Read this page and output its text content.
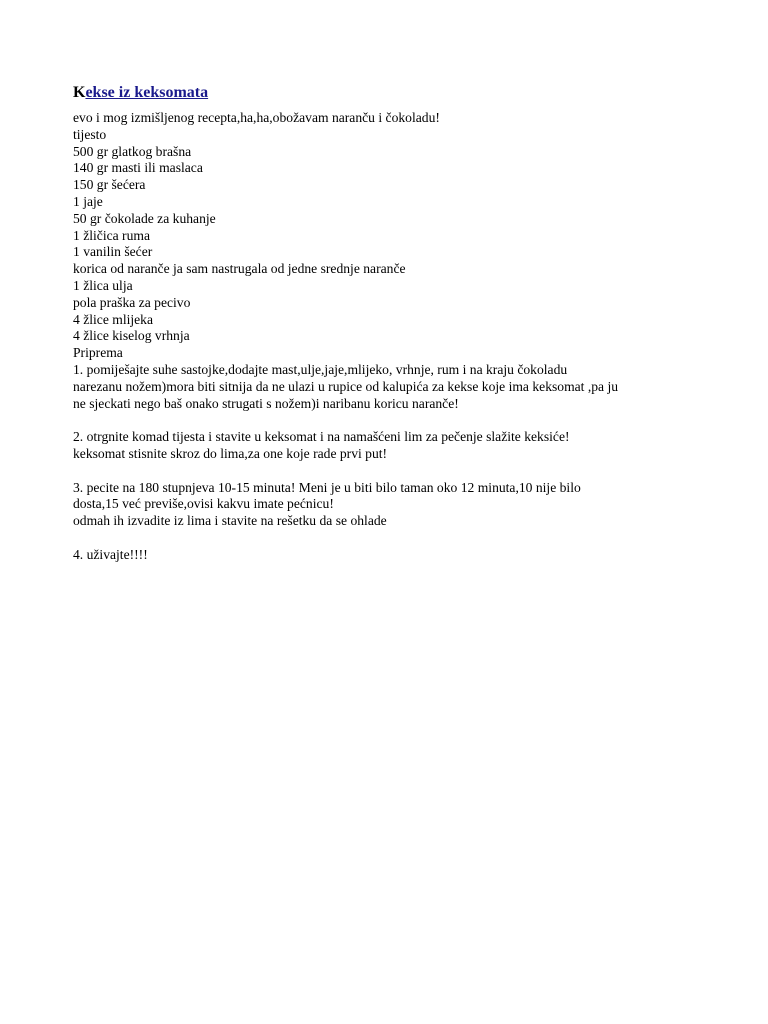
Kekse iz keksomata
evo i mog izmišljenog recepta,ha,ha,obožavam naranču i čokoladu!
tijesto
500 gr glatkog brašna
140 gr masti ili maslaca
150 gr šećera
1 jaje
50 gr čokolade za kuhanje
1 žličica ruma
1 vanilin šećer
korica od naranče ja sam nastrugala od jedne srednje naranče
1 žlica ulja
pola praška za pecivo
4 žlice mlijeka
4 žlice kiselog vrhnja
Priprema
1. pomiješajte suhe sastojke,dodajte mast,ulje,jaje,mlijeko, vrhnje, rum i na kraju čokoladu
narezanu nožem)mora biti sitnija da ne ulazi u rupice od kalupića za kekse koje ima keksomat ,pa ju
ne sjeckati nego baš onako strugati s nožem)i naribanu koricu naranče!
2. otrgnite komad tijesta i stavite u keksomat i na namašćeni lim za pečenje slažite keksiće!
keksomat stisnite skroz do lima,za one koje rade prvi put!
3. pecite na 180 stupnjeva 10-15 minuta! Meni je u biti bilo taman oko 12 minuta,10 nije bilo
dosta,15 već previše,ovisi kakvu imate pećnicu!
odmah ih izvadite iz lima i stavite na rešetku da se ohlade
4. uživajte!!!!
